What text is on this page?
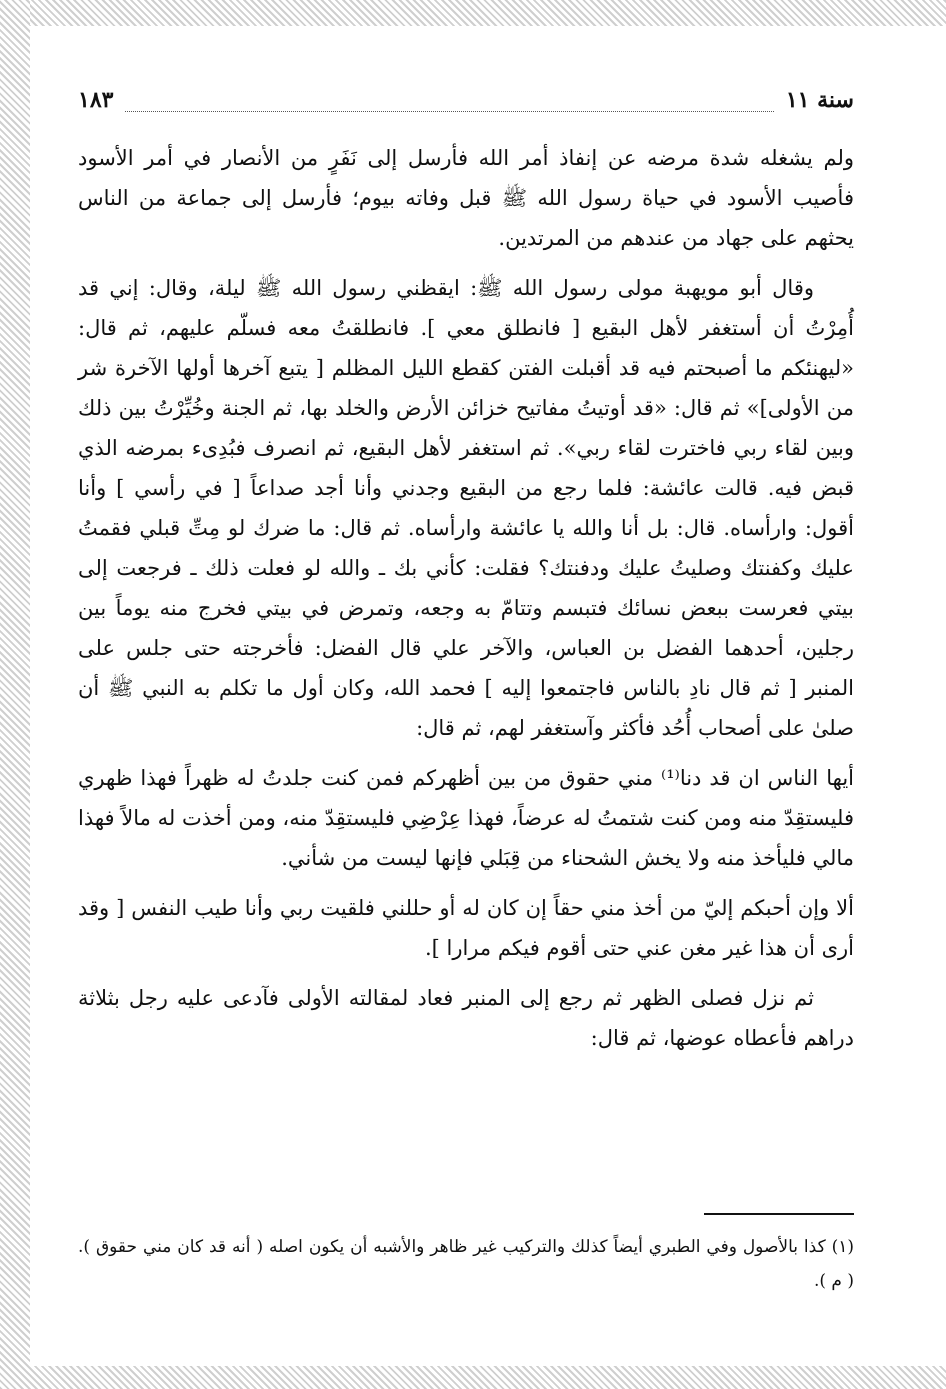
سنة ١١
١٨٣

ولم يشغله شدة مرضه عن إنفاذ أمر الله فأرسل إلى نَفَرٍ من الأنصار في أمر الأسود فأصيب الأسود في حياة رسول الله ﷺ قبل وفاته بيوم؛ فأرسل إلى جماعة من الناس يحثهم على جهاد من عندهم من المرتدين.

وقال أبو مويهبة مولى رسول الله ﷺ: ايقظني رسول الله ﷺ ليلة، وقال: إني قد أُمِرْتُ أن أستغفر لأهل البقيع [ فانطلق معي ]. فانطلقتُ معه فسلّم عليهم، ثم قال: «ليهنئكم ما أصبحتم فيه قد أقبلت الفتن كقطع الليل المظلم [ يتبع آخرها أولها الآخرة شر من الأولى]» ثم قال: «قد أوتيتُ مفاتيح خزائن الأرض والخلد بها، ثم الجنة وخُيِّرْتُ بين ذلك وبين لقاء ربي فاخترت لقاء ربي». ثم استغفر لأهل البقيع، ثم انصرف فبُدِىء بمرضه الذي قبض فيه. قالت عائشة: فلما رجع من البقيع وجدني وأنا أجد صداعاً [ في رأسي ] وأنا أقول: وارأساه. قال: بل أنا والله يا عائشة وارأساه. ثم قال: ما ضرك لو مِتِّ قبلي فقمتُ عليك وكفنتك وصليتُ عليك ودفنتك؟ فقلت: كأني بك ـ والله لو فعلت ذلك ـ فرجعت إلى بيتي فعرست ببعض نسائك فتبسم وتتامّ به وجعه، وتمرض في بيتي فخرج منه يوماً بين رجلين، أحدهما الفضل بن العباس، والآخر علي قال الفضل: فأخرجته حتى جلس على المنبر [ ثم قال نادِ بالناس فاجتمعوا إليه ] فحمد الله، وكان أول ما تكلم به النبي ﷺ أن صلىٰ على أصحاب أُحُد فأكثر وآستغفر لهم، ثم قال:

أيها الناس ان قد دنا⁽¹⁾ مني حقوق من بين أظهركم فمن كنت جلدتُ له ظهراً فهذا ظهري فليستقِدّ منه ومن كنت شتمتُ له عرضاً، فهذا عِرْضِي فليستقِدّ منه، ومن أخذت له مالاً فهذا مالي فليأخذ منه ولا يخش الشحناء من قِبَلي فإنها ليست من شأني.

ألا وإن أحبكم إليّ من أخذ مني حقاً إن كان له أو حللني فلقيت ربي وأنا طيب النفس [ وقد أرى أن هذا غير مغن عني حتى أقوم فيكم مرارا ].

ثم نزل فصلى الظهر ثم رجع إلى المنبر فعاد لمقالته الأولى فآدعى عليه رجل بثلاثة دراهم فأعطاه عوضها، ثم قال:

(١) كذا بالأصول وفي الطبري أيضاً كذلك والتركيب غير ظاهر والأشبه أن يكون اصله ( أنه قد كان مني حقوق ). ( م ).
